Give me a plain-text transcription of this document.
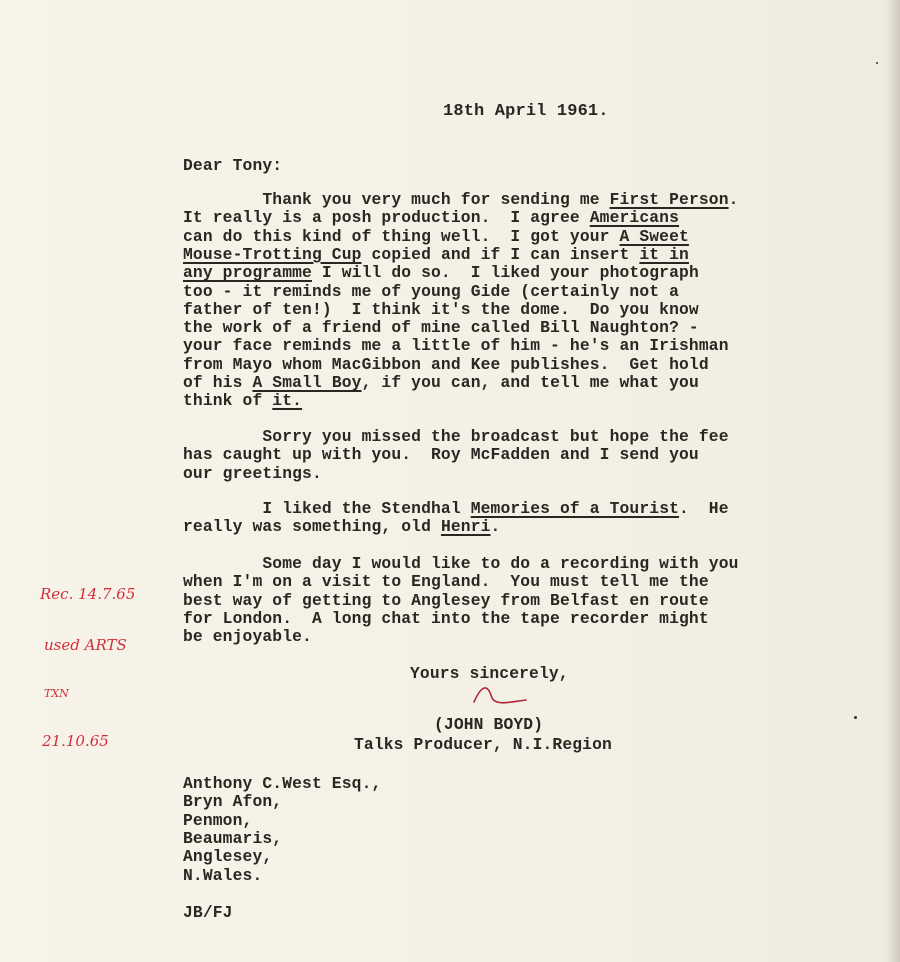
18th April 1961.
Dear Tony:
Thank you very much for sending me First Person.
It really is a posh production.  I agree Americans
can do this kind of thing well.  I got your A Sweet
Mouse-Trotting Cup copied and if I can insert it in
any programme I will do so.  I liked your photograph
too - it reminds me of young Gide (certainly not a
father of ten!)  I think it's the dome.  Do you know
the work of a friend of mine called Bill Naughton? -
your face reminds me a little of him - he's an Irishman
from Mayo whom MacGibbon and Kee publishes.  Get hold
of his A Small Boy, if you can, and tell me what you
think of it.
Sorry you missed the broadcast but hope the fee
has caught up with you.  Roy McFadden and I send you
our greetings.
I liked the Stendhal Memories of a Tourist.  He
really was something, old Henri.
Some day I would like to do a recording with you
when I'm on a visit to England.  You must tell me the
best way of getting to Anglesey from Belfast en route
for London.  A long chat into the tape recorder might
be enjoyable.
Yours sincerely,
(JOHN BOYD)
Talks Producer, N.I.Region
Anthony C.West Esq.,
Bryn Afon,
Penmon,
Beaumaris,
Anglesey,
N.Wales.
JB/FJ

Rec. 14.7.65

used ARTS

TXN

21.10.65
